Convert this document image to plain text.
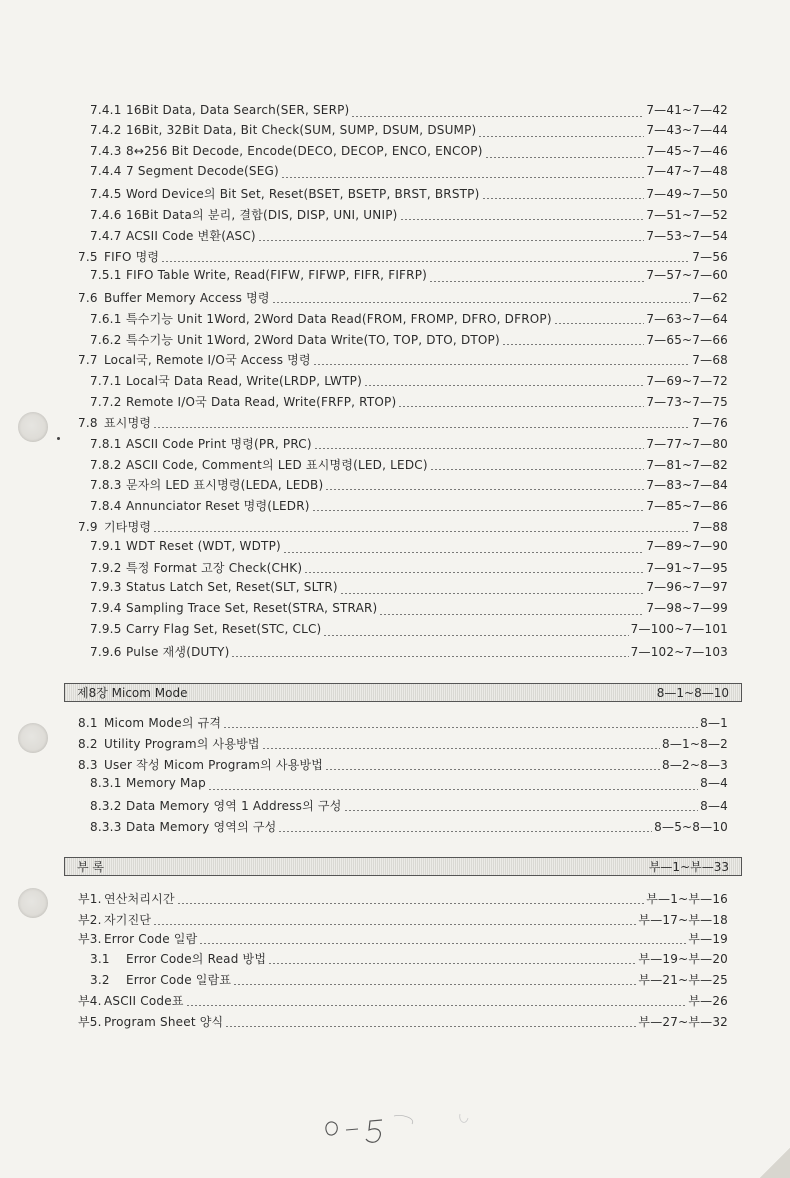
7.4.1 16Bit Data, Data Search(SER, SERP)	7—41~7—42
7.4.2 16Bit, 32Bit Data, Bit Check(SUM, SUMP, DSUM, DSUMP)	7—43~7—44
7.4.3 8↔256 Bit Decode, Encode(DECO, DECOP, ENCO, ENCOP)	7—45~7—46
7.4.4 7 Segment Decode(SEG)	7—47~7—48
7.4.5 Word Device의 Bit Set, Reset(BSET, BSETP, BRST, BRSTP)	7—49~7—50
7.4.6 16Bit Data의 분리, 결합(DIS, DISP, UNI, UNIP)	7—51~7—52
7.4.7 ACSII Code 변환(ASC)	7—53~7—54
7.5 FIFO 명령	7—56
7.5.1 FIFO Table Write, Read(FIFW, FIFWP, FIFR, FIFRP)	7—57~7—60
7.6 Buffer Memory Access 명령	7—62
7.6.1 특수기능 Unit 1Word, 2Word Data Read(FROM, FROMP, DFRO, DFROP)	7—63~7—64
7.6.2 특수기능 Unit 1Word, 2Word Data Write(TO, TOP, DTO, DTOP)	7—65~7—66
7.7 Local국, Remote I/O국 Access 명령	7—68
7.7.1 Local국 Data Read, Write(LRDP, LWTP)	7—69~7—72
7.7.2 Remote I/O국 Data Read, Write(FRFP, RTOP)	7—73~7—75
7.8 표시명령	7—76
7.8.1 ASCII Code Print 명령(PR, PRC)	7—77~7—80
7.8.2 ASCII Code, Comment의 LED 표시명령(LED, LEDC)	7—81~7—82
7.8.3 문자의 LED 표시명령(LEDA, LEDB)	7—83~7—84
7.8.4 Annunciator Reset 명령(LEDR)	7—85~7—86
7.9 기타명령	7—88
7.9.1 WDT Reset (WDT, WDTP)	7—89~7—90
7.9.2 특정 Format 고장 Check(CHK)	7—91~7—95
7.9.3 Status Latch Set, Reset(SLT, SLTR)	7—96~7—97
7.9.4 Sampling Trace Set, Reset(STRA, STRAR)	7—98~7—99
7.9.5 Carry Flag Set, Reset(STC, CLC)	7—100~7—101
7.9.6 Pulse 재생(DUTY)	7—102~7—103
제8장 Micom Mode	8—1~8—10
8.1 Micom Mode의 규격	8—1
8.2 Utility Program의 사용방법	8—1~8—2
8.3 User 작성 Micom Program의 사용방법	8—2~8—3
8.3.1 Memory Map	8—4
8.3.2 Data Memory 영역 1 Address의 구성	8—4
8.3.3 Data Memory 영역의 구성	8—5~8—10
부 록	부—1~부—33
부1. 연산처리시간	부—1~부—16
부2. 자기진단	부—17~부—18
부3. Error Code 일람	부—19
3.1	Error Code의 Read 방법	부—19~부—20
3.2	Error Code 일람표	부—21~부—25
부4. ASCII Code표	부—26
부5. Program Sheet 양식	부—27~부—32
